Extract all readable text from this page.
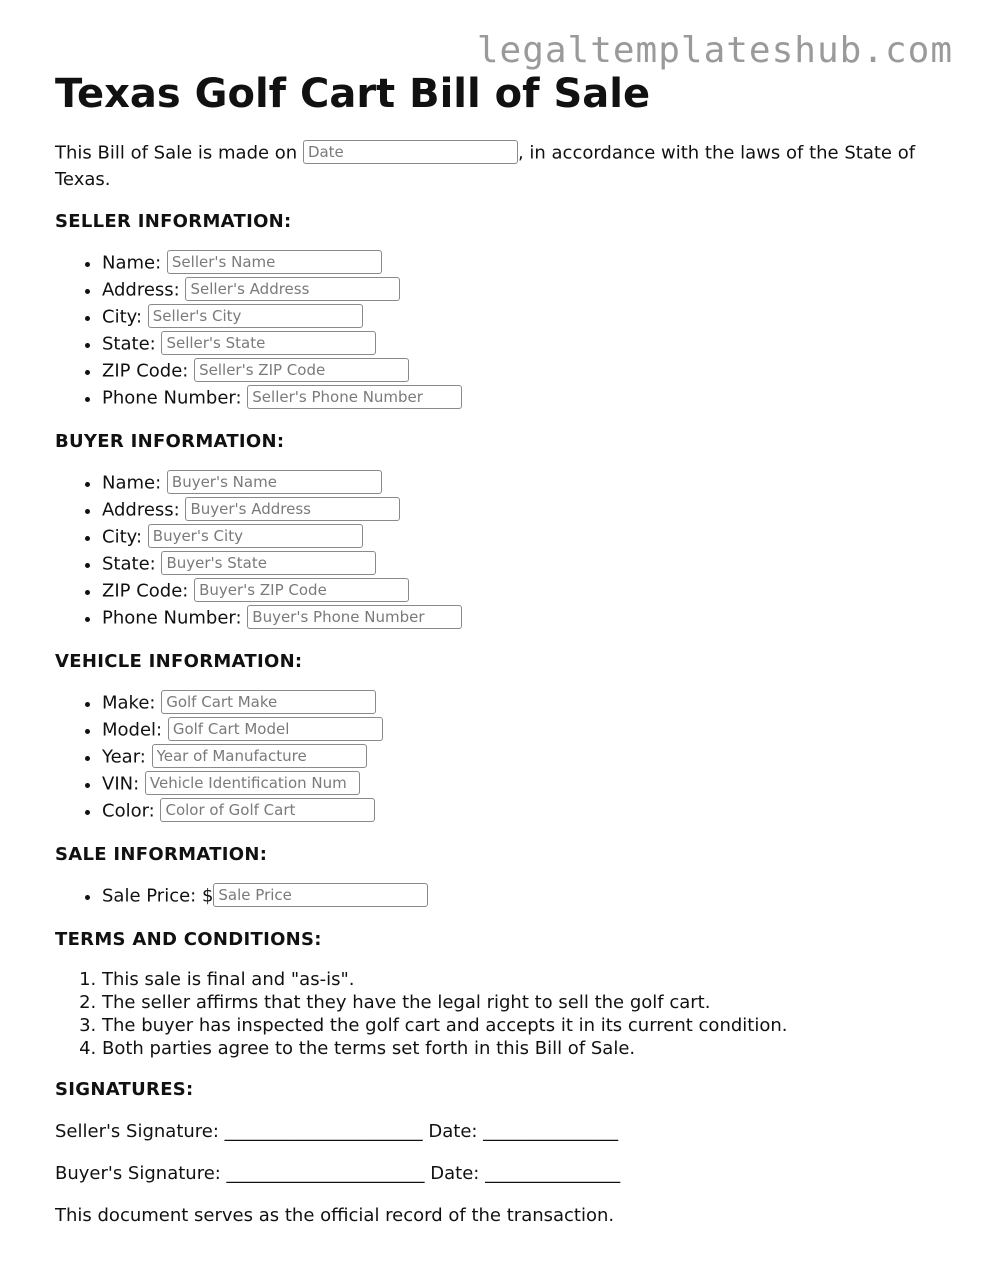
legaltemplateshub.com
Texas Golf Cart Bill of Sale

This Bill of Sale is made on Date	, in accordance with the laws of the State of Texas.

SELLER INFORMATION:
• Name: Seller's Name
• Address: Seller's Address
• City: Seller's City
• State: Seller's State
• ZIP Code: Seller's ZIP Code
• Phone Number: Seller's Phone Number
BUYER INFORMATION:
• Name: Buyer's Name
• Address: Buyer's Address
• City: Buyer's City
• State: Buyer's State
• ZIP Code: Buyer's ZIP Code
• Phone Number: Buyer's Phone Number
VEHICLE INFORMATION:
• Make: Golf Cart Make
• Model: Golf Cart Model
• Year: Year of Manufacture
• VIN: Vehicle Identification Num
• Color: Color of Golf Cart
SALE INFORMATION:
• Sale Price: $Sale Price
TERMS AND CONDITIONS:
1. This sale is final and "as-is".
2. The seller affirms that they have the legal right to sell the golf cart.
3. The buyer has inspected the golf cart and accepts it in its current condition.
4. Both parties agree to the terms set forth in this Bill of Sale.
SIGNATURES:

Seller's Signature: ______________________ Date: _______________

Buyer's Signature: ______________________ Date: _______________

This document serves as the official record of the transaction.
